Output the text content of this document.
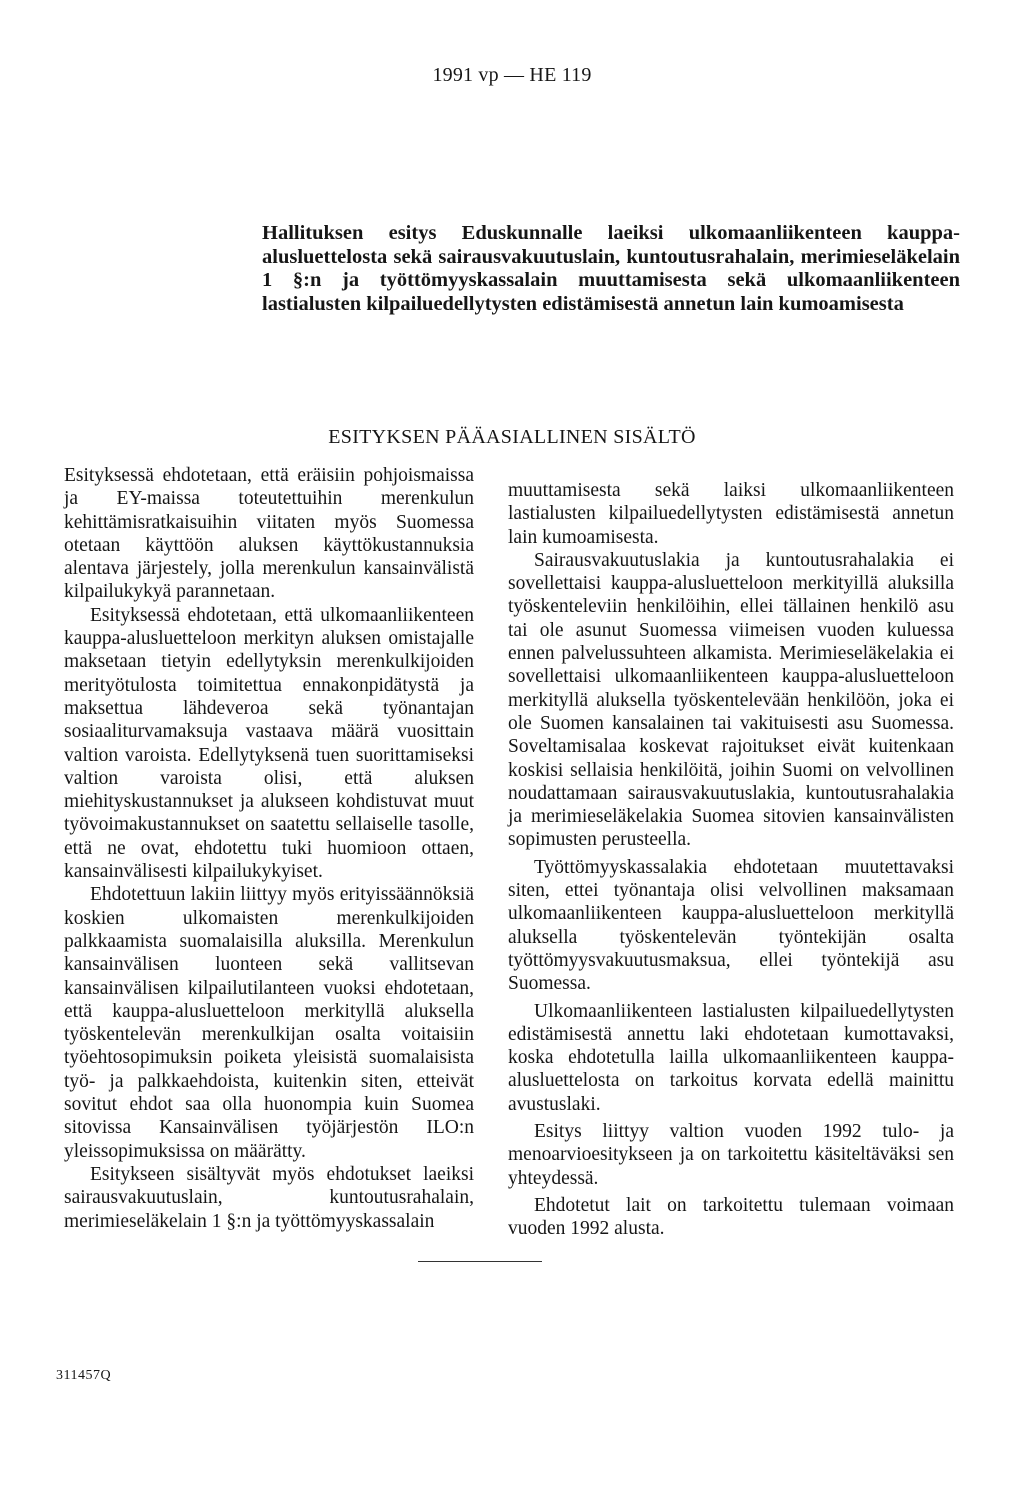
1991 vp — HE 119
Hallituksen esitys Eduskunnalle laeiksi ulkomaanliikenteen kauppa-alusluettelosta sekä sairausvakuutuslain, kuntoutusrahalain, merimieseläkelain 1 §:n ja työttömyyskassalain muuttamisesta sekä ulkomaanliikenteen lastialusten kilpailuedellytysten edistämisestä annetun lain kumoamisesta
ESITYKSEN PÄÄASIALLINEN SISÄLTÖ

Esityksessä ehdotetaan, että eräisiin pohjoismaissa ja EY-maissa toteutettuihin merenkulun kehittämisratkaisuihin viitaten myös Suomessa otetaan käyttöön aluksen käyttökustannuksia alentava järjestely, jolla merenkulun kansainvälistä kilpailukykyä parannetaan.

Esityksessä ehdotetaan, että ulkomaanliikenteen kauppa-alusluetteloon merkityn aluksen omistajalle maksetaan tietyin edellytyksin merenkulkijoiden merityötulosta toimitettua ennakonpidätystä ja maksettua lähdeveroa sekä työnantajan sosiaaliturvamaksuja vastaava määrä vuosittain valtion varoista. Edellytyksenä tuen suorittamiseksi valtion varoista olisi, että aluksen miehityskustannukset ja alukseen kohdistuvat muut työvoimakustannukset on saatettu sellaiselle tasolle, että ne ovat, ehdotettu tuki huomioon ottaen, kansainvälisesti kilpailukykyiset.

Ehdotettuun lakiin liittyy myös erityissäännöksiä koskien ulkomaisten merenkulkijoiden palkkaamista suomalaisilla aluksilla. Merenkulun kansainvälisen luonteen sekä vallitsevan kansainvälisen kilpailutilanteen vuoksi ehdotetaan, että kauppa-alusluetteloon merkityllä aluksella työskentelevän merenkulkijan osalta voitaisiin työehtosopimuksin poiketa yleisistä suomalaisista työ- ja palkkaehdoista, kuitenkin siten, etteivät sovitut ehdot saa olla huonompia kuin Suomea sitovissa Kansainvälisen työjärjestön ILO:n yleissopimuksissa on määrätty.

Esitykseen sisältyvät myös ehdotukset laeiksi sairausvakuutuslain, kuntoutusrahalain, merimieseläkelain 1 §:n ja työttömyyskassalain

muuttamisesta sekä laiksi ulkomaanliikenteen lastialusten kilpailuedellytysten edistämisestä annetun lain kumoamisesta.

Sairausvakuutuslakia ja kuntoutusrahalakia ei sovellettaisi kauppa-alusluetteloon merkityillä aluksilla työskenteleviin henkilöihin, ellei tällainen henkilö asu tai ole asunut Suomessa viimeisen vuoden kuluessa ennen palvelussuhteen alkamista. Merimieseläkelakia ei sovellettaisi ulkomaanliikenteen kauppa-alusluetteloon merkityllä aluksella työskentelevään henkilöön, joka ei ole Suomen kansalainen tai vakituisesti asu Suomessa. Soveltamisalaa koskevat rajoitukset eivät kuitenkaan koskisi sellaisia henkilöitä, joihin Suomi on velvollinen noudattamaan sairausvakuutuslakia, kuntoutusrahalakia ja merimieseläkelakia Suomea sitovien kansainvälisten sopimusten perusteella.

Työttömyyskassalakia ehdotetaan muutettavaksi siten, ettei työnantaja olisi velvollinen maksamaan ulkomaanliikenteen kauppa-alusluetteloon merkityllä aluksella työskentelevän työntekijän osalta työttömyysvakuutusmaksua, ellei työntekijä asu Suomessa.

Ulkomaanliikenteen lastialusten kilpailuedellytysten edistämisestä annettu laki ehdotetaan kumottavaksi, koska ehdotetulla lailla ulkomaanliikenteen kauppa-alusluettelosta on tarkoitus korvata edellä mainittu avustuslaki.

Esitys liittyy valtion vuoden 1992 tulo- ja menoarvioesitykseen ja on tarkoitettu käsiteltäväksi sen yhteydessä.

Ehdotetut lait on tarkoitettu tulemaan voimaan vuoden 1992 alusta.

311457Q
